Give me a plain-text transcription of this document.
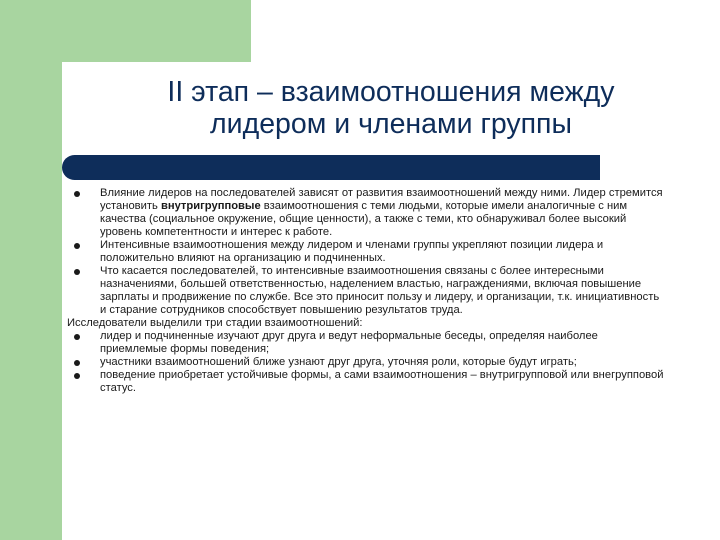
II этап – взаимоотношения между
лидером и членами группы
Влияние лидеров на последователей зависят от развития взаимоотношений между ними. Лидер стремится установить внутригрупповые взаимоотношения с теми людьми, которые имели аналогичные с ним качества (социальное окружение, общие ценности), а также с теми, кто обнаруживал более высокий уровень компетентности и интерес к работе.
Интенсивные взаимоотношения между лидером и членами группы укрепляют позиции лидера и положительно влияют на организацию и подчиненных.
Что касается последователей, то интенсивные взаимоотношения связаны с более интересными назначениями, большей ответственностью, наделением властью, награждениями, включая повышение зарплаты и продвижение по службе. Все это приносит пользу и лидеру, и организации, т.к. инициативность и старание сотрудников способствует повышению результатов труда.
Исследователи выделили три стадии взаимоотношений:
лидер и подчиненные изучают друг друга и ведут неформальные беседы, определяя наиболее приемлемые формы поведения;
участники взаимоотношений ближе узнают друг друга, уточняя роли, которые будут играть;
поведение приобретает устойчивые формы, а сами взаимоотношения – внутригрупповой или внегрупповой статус.
